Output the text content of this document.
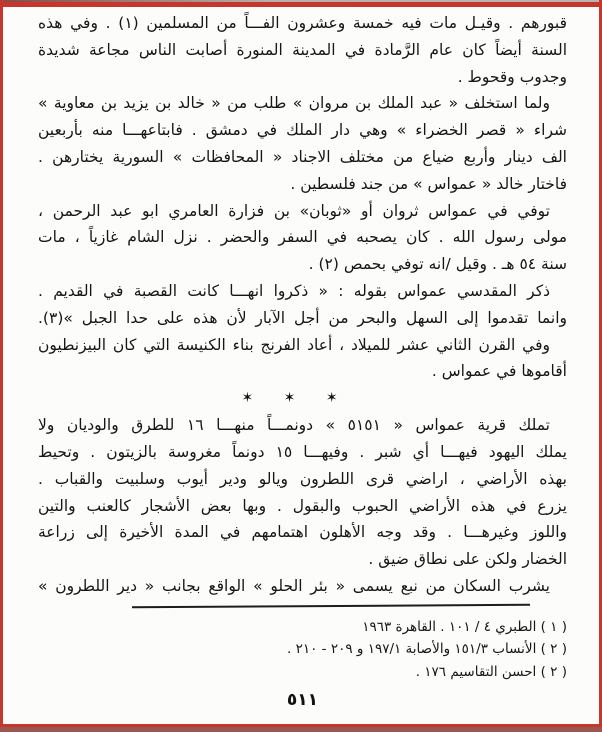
قبورهم . وقيـل مات فيه خمسة وعشرون الفـــاً من المسلمين (١) . وفي هذه
السنة أيضاً كان عام الرَّمادة في المدينة المنورة أصابت الناس مجاعة شديدة
وجدوب وقحوط .
ولما استخلف « عبد الملك بن مروان » طلب من « خالد بن يزيد بن معاوية »
شراء « قصر الخضراء » وهي دار الملك في دمشق . فابتاعهـــا منه بأربعين
الف دينار وأربع ضياع من مختلف الاجناد « المحافظات » السورية يختارهن .
فاختار خالد « عمواس » من جند فلسطين .
توفي في عمواس ثروان أو «ثوبان» بن فزارة العامري ابو عبد الرحمن ،
مولى رسول الله . كان يصحبه في السفر والحضر . نزل الشام غازياً ، مات
سنة ٥٤ هـ . وقيل /انه توفي بحمص (٢) .
ذكر المقدسي عمواس بقوله : « ذكروا انهـــا كانت القصبة في القديم .
وانما تقدموا إلى السهل والبحر من أجل الآبار لأن هذه على حدا الجبل »(٣).
وفي القرن الثاني عشر للميلاد ، أعاد الفرنج بناء الكنيسة التي كان البيزنطيون
أقاموها في عمواس .
✶ ✶ ✶
تملك قرية عمواس « ٥١٥١ » دونمـــاً منهـــا ١٦ للطرق والوديان ولا
يملك اليهود فيهـــا أي شبر . وفيهـــا ١٥ دونماً مغروسة بالزيتون . وتحيط
بهذه الأراضي ، اراضي قرى اللطرون ويالو ودير أيوب وسلبيت والقباب .
يزرع في هذه الأراضي الحبوب والبقول . وبها بعض الأشجار كالعنب والتين
واللوز وغيرهـــا . وقد وجه الأهلون اهتمامهم في المدة الأخيرة إلى زراعة
الخضار ولكن على نطاق ضيق .
يشرب السكان من نبع يسمى « بئر الحلو » الواقع بجانب « دير اللطرون »
( ١ ) الطبري ٤ / ١٠١ . القاهرة ١٩٦٣
( ٢ ) الأنساب ١٥١/٣ والأصابة ١٩٧/١ و ٢٠٩ - ٢١٠ .
( ٢ ) احسن التقاسيم ١٧٦ .
٥١١
